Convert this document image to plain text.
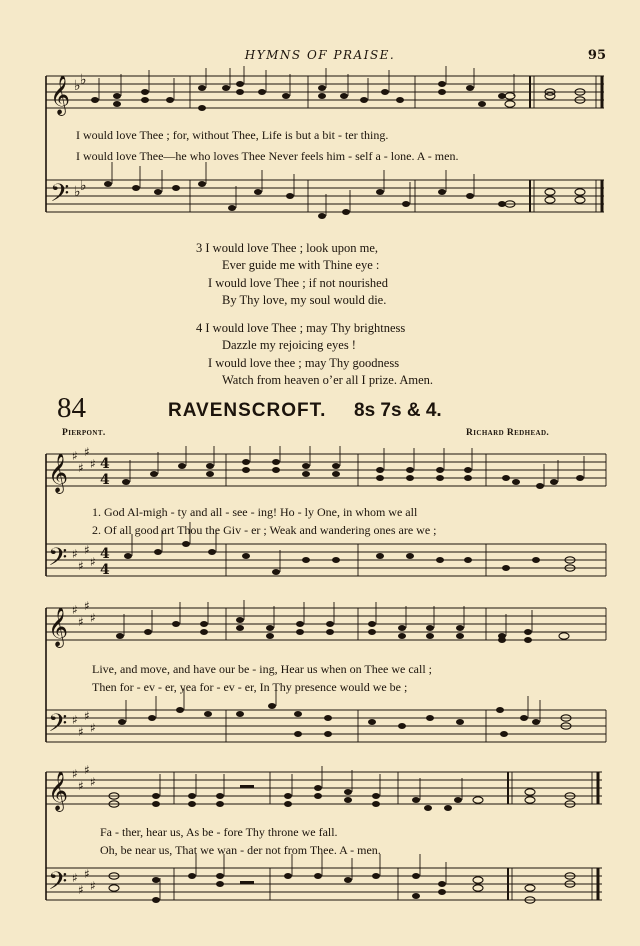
HYMNS OF PRAISE.	95
𝄞
𝄢
♭ ♭
♭ ♭
I would love Thee ; for, without Thee, Life is but a bit - ter thing.
I would love Thee—he who loves Thee Never feels him - self a - lone. A - men.
3 I would love Thee ; look upon me,
Ever guide me with Thine eye :
I would love Thee ; if not nourished
By Thy love, my soul would die.
4 I would love Thee ; may Thy brightness
Dazzle my rejoicing eyes !
I would love thee ; may Thy goodness
Watch from heaven o’er all I prize. Amen.
84	RAVENSCROFT. 8s 7s & 4.
Pierpont.	Richard Redhead.
𝄞
𝄢
♯
♯
♯
♯
♯
♯
♯
♯
4
4
4
4
1. God Al-migh - ty and all - see - ing! Ho - ly One, in whom we all
2. Of all good art Thou the Giv - er ; Weak and wandering ones are we ;
𝄞
𝄢
♯
♯
♯
♯
♯
♯
♯
♯
Live, and move, and have our be - ing, Hear us when on Thee we call ;
Then for - ev - er, yea for - ev - er, In Thy presence would we be ;
𝄞
𝄢
♯
♯
♯
♯
♯
♯
♯
♯
Fa - ther, hear us, As be - fore Thy throne we fall.
Oh, be near us, That we wan - der not from Thee. A - men.
